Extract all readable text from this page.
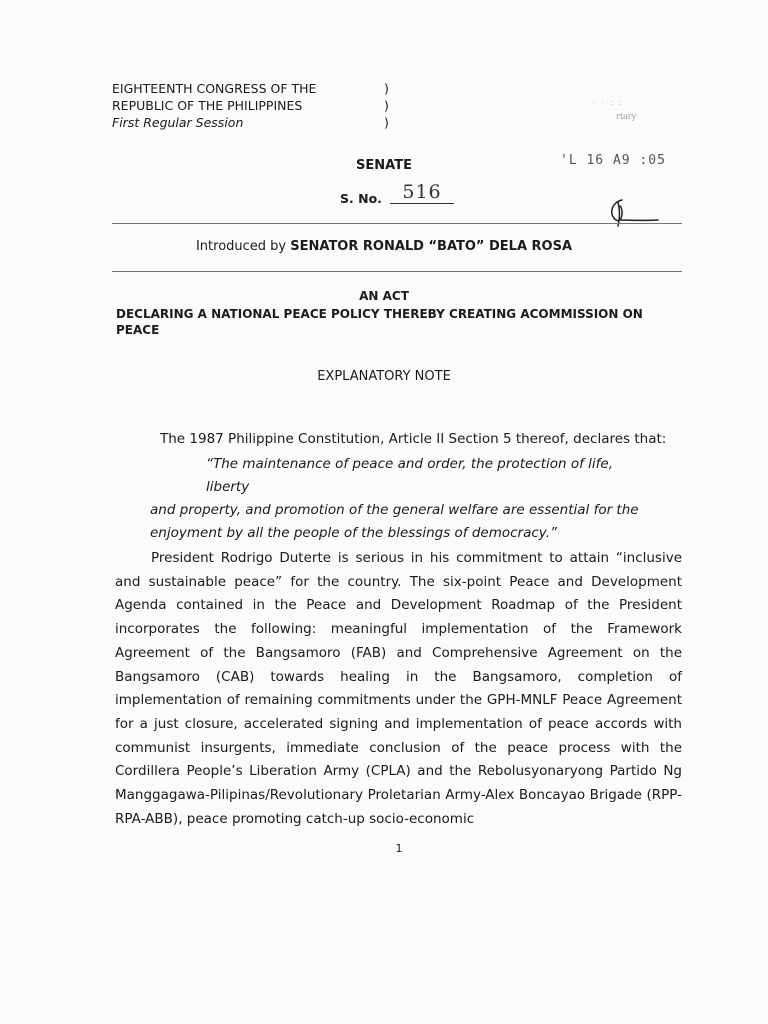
EIGHTEENTH CONGRESS OF THE
REPUBLIC OF THE PHILIPPINES
First Regular Session
)
)
)
· · : :
rtary
'L 16 A9 :05
SENATE
S. No.	516
Introduced by SENATOR RONALD “BATO” DELA ROSA
AN ACT
DECLARING A NATIONAL PEACE POLICY THEREBY CREATING ACOMMISSION ON PEACE
EXPLANATORY NOTE
The 1987 Philippine Constitution, Article II Section 5 thereof, declares that:

“The maintenance of peace and order, the protection of life, liberty
and property, and promotion of the general welfare are essential for the enjoyment by all the people of the blessings of democracy.”

President Rodrigo Duterte is serious in his commitment to attain “inclusive and sustainable peace” for the country. The six-point Peace and Development Agenda contained in the Peace and Development Roadmap of the President incorporates the following: meaningful implementation of the Framework Agreement of the Bangsamoro (FAB) and Comprehensive Agreement on the Bangsamoro (CAB) towards healing in the Bangsamoro, completion of implementation of remaining commitments under the GPH-MNLF Peace Agreement for a just closure, accelerated signing and implementation of peace accords with communist insurgents, immediate conclusion of the peace process with the Cordillera People’s Liberation Army (CPLA) and the Rebolusyonaryong Partido Ng Manggagawa-Pilipinas/Revolutionary Proletarian Army-Alex Boncayao Brigade (RPP-RPA-ABB), peace promoting catch-up socio-economic

1
